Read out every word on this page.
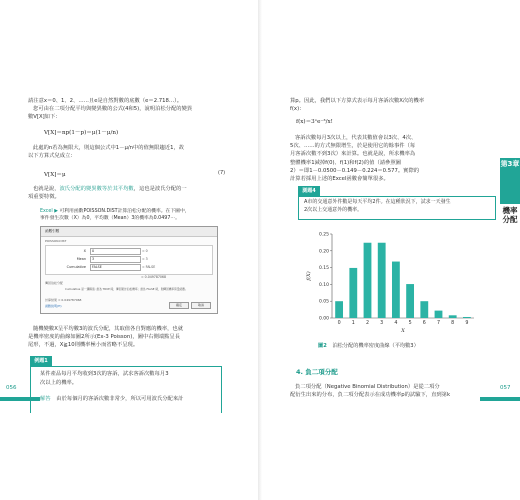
請注意x＝0、1、2、……且e是自然對數的底數（e＝2.718…）。
您可由在二項分配平均與變異數的公式(4和5)，說明泊松分配的變異
數V[X]如下：
V[X]＝np(1－p)＝μ(1－μ/n)
此處的n若為無限大，則這個公式中1－μ/n中的值無限趨近1，故
以下方算式兒成立：
V[X]＝μ	(7)
也就是說，波氏分配的變異數等於其平均數，這也是波氏分配的一
項重要特徵。
Excel ▶ 可利用函數POISSON.DIST計算泊松分配的機率。在下圖中，
事件發生次數（X）為0，平均數（Mean）3的機率為0.0497⋯。
函數引數
POISSON.DIST
X	0	= 0
Mean	3	= 3
Cumulative	FALSE	= FALSE
= 0.049787068
傳回泊松分配
Cumulative 是一邏輯值: 當為 TRUE 時，傳回累計泊松機率；當為 FALSE 時，則傳回機率質量函數。
計算結果 = 0.049787068
函數說明(H)	確定	取消
隨機變數X呈平均數3的波氏分配，其取值各自對應的機率，也就
是機率密度的曲線如圖2所示(Ex-3 Poisson)，圖中右側端點呈長
尾形，不過，X≧10則機率極小而省略不呈現。
例題1
某件產品每月平均收到3次的客訴，試求客訴次數每月3
次以上的機率。
解答 由於每個月的客訴次數非常少，所以可用波氏分配來計
056
算p。因此，我們以下方算式表示每月客訴次數X次的機率
f(x)：
f(x)＝3ˣe⁻³/x!
客訴次數每月3次以上，代表其數值會以3次、4次、
5次、……的方式無限增生，於是使用它的餘事件（每
月客訴次數不到3次）來計算。也就是說，所求機率為
整體機率1減掉f(0)、f(1)和f(2)的值（請參照圖
2）＝即1－0.0500－0.149－0.224＝0.577。實際的
計算若採用上述的Excel函數會簡單很多。
測題4
A市的交通意外件數是每天平均2件。在這種狀況下，試求一天發生
2次以上交通意外的機率。
第3章
機率分配
0.00
0.05
0.10
0.15
0.20
0.25
0 1 2 3 4 5 6 7 8 9
X
f(X)
圖2 泊松分配的機率密度曲線（平均數3）
4. 負二項分配
負二項分配（Negative Binomial Distribution）是從二項分
配衍生出來的分布，負二項分配表示在成功機率p的試驗下，直到第k
057
